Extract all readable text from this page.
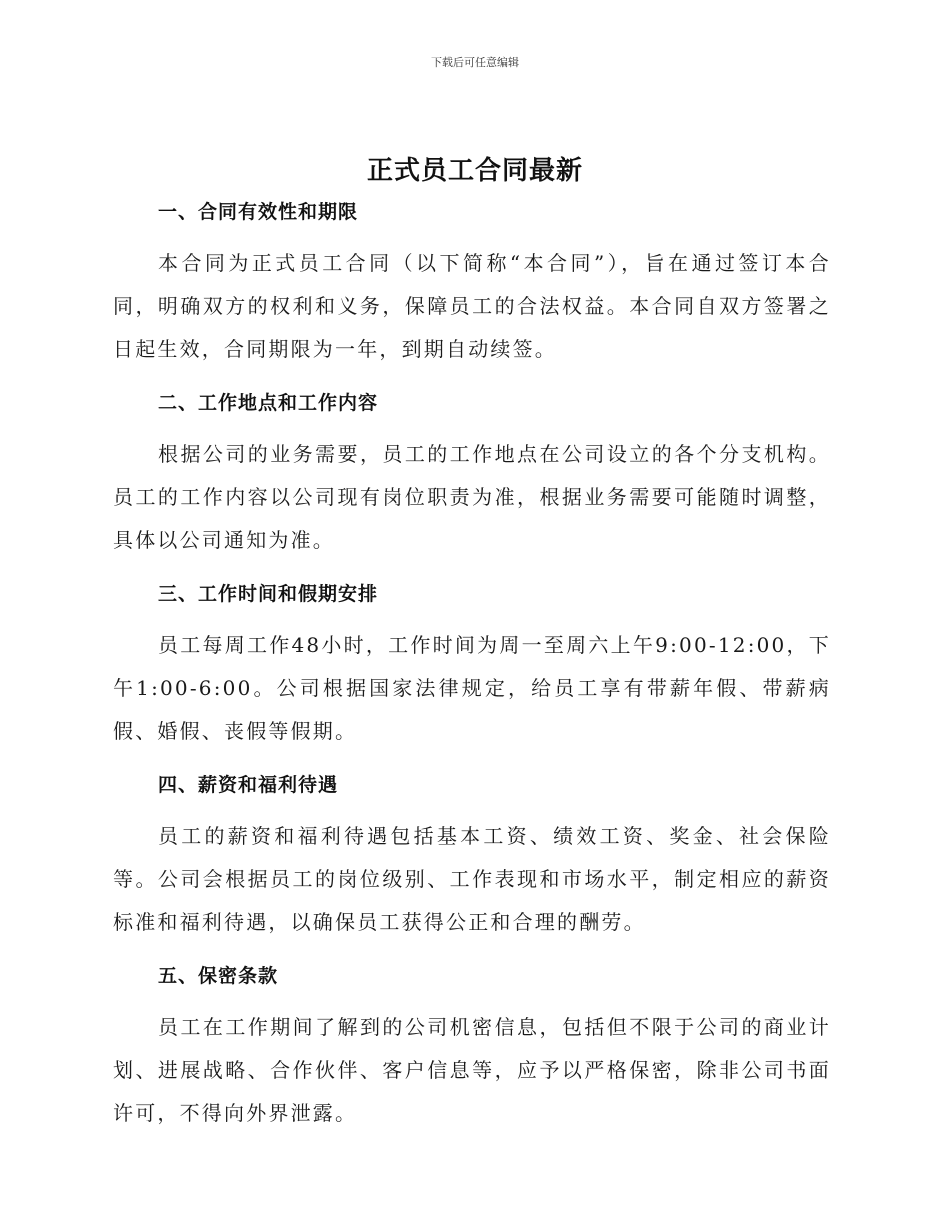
下载后可任意编辑
正式员工合同最新
一、合同有效性和期限

本合同为正式员工合同（以下简称“本合同”），旨在通过签订本合同，明确双方的权利和义务，保障员工的合法权益。本合同自双方签署之日起生效，合同期限为一年，到期自动续签。

二、工作地点和工作内容

根据公司的业务需要，员工的工作地点在公司设立的各个分支机构。员工的工作内容以公司现有岗位职责为准，根据业务需要可能随时调整，具体以公司通知为准。

三、工作时间和假期安排

员工每周工作48小时，工作时间为周一至周六上午9:00-12:00，下午1:00-6:00。公司根据国家法律规定，给员工享有带薪年假、带薪病假、婚假、丧假等假期。

四、薪资和福利待遇

员工的薪资和福利待遇包括基本工资、绩效工资、奖金、社会保险等。公司会根据员工的岗位级别、工作表现和市场水平，制定相应的薪资标准和福利待遇，以确保员工获得公正和合理的酬劳。

五、保密条款

员工在工作期间了解到的公司机密信息，包括但不限于公司的商业计划、进展战略、合作伙伴、客户信息等，应予以严格保密，除非公司书面许可，不得向外界泄露。
